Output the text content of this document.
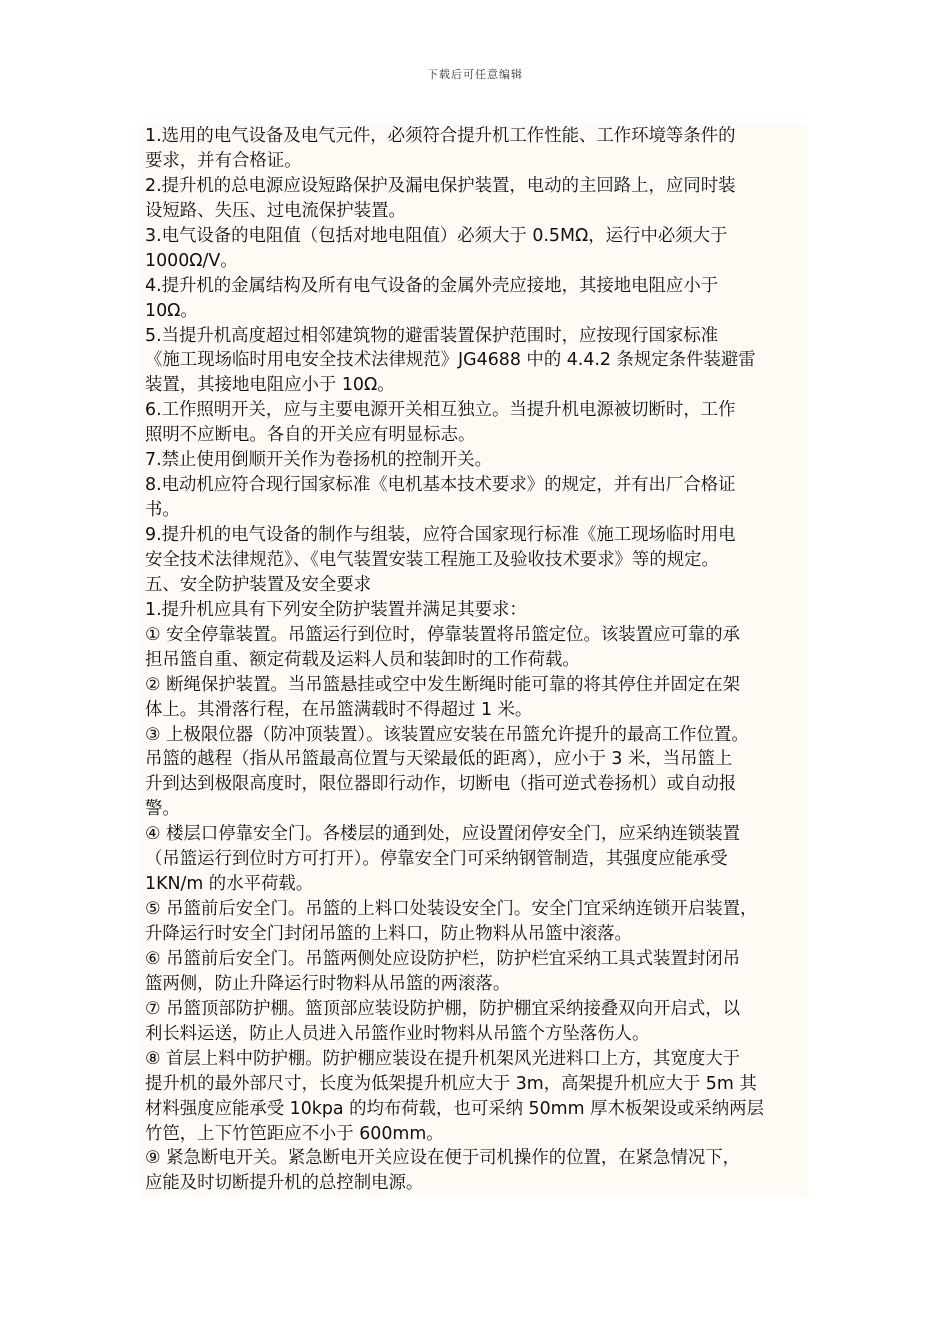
下载后可任意编辑
1.选用的电气设备及电气元件，必须符合提升机工作性能、工作环境等条件的
要求，并有合格证。
2.提升机的总电源应设短路保护及漏电保护装置，电动的主回路上，应同时装
设短路、失压、过电流保护装置。
3.电气设备的电阻值（包括对地电阻值）必须大于 0.5MΩ，运行中必须大于
1000Ω/V。
4.提升机的金属结构及所有电气设备的金属外壳应接地，其接地电阻应小于
10Ω。
5.当提升机高度超过相邻建筑物的避雷装置保护范围时，应按现行国家标准
《施工现场临时用电安全技术法律规范》JG4688 中的 4.4.2 条规定条件装避雷
装置，其接地电阻应小于 10Ω。
6.工作照明开关，应与主要电源开关相互独立。当提升机电源被切断时，工作
照明不应断电。各自的开关应有明显标志。
7.禁止使用倒顺开关作为卷扬机的控制开关。
8.电动机应符合现行国家标准《电机基本技术要求》的规定，并有出厂合格证
书。
9.提升机的电气设备的制作与组装，应符合国家现行标准《施工现场临时用电
安全技术法律规范》、《电气装置安装工程施工及验收技术要求》等的规定。
五、安全防护装置及安全要求
1.提升机应具有下列安全防护装置并满足其要求：
① 安全停靠装置。吊篮运行到位时，停靠装置将吊篮定位。该装置应可靠的承
担吊篮自重、额定荷载及运料人员和装卸时的工作荷载。
② 断绳保护装置。当吊篮悬挂或空中发生断绳时能可靠的将其停住并固定在架
体上。其滑落行程，在吊篮满载时不得超过 1 米。
③ 上极限位器（防冲顶装置）。该装置应安装在吊篮允许提升的最高工作位置。
吊篮的越程（指从吊篮最高位置与天梁最低的距离），应小于 3 米，当吊篮上
升到达到极限高度时，限位器即行动作，切断电（指可逆式卷扬机）或自动报
警。
④ 楼层口停靠安全门。各楼层的通到处，应设置闭停安全门，应采纳连锁装置
（吊篮运行到位时方可打开）。停靠安全门可采纳钢管制造，其强度应能承受
1KN/m 的水平荷载。
⑤ 吊篮前后安全门。吊篮的上料口处装设安全门。安全门宜采纳连锁开启装置，
升降运行时安全门封闭吊篮的上料口，防止物料从吊篮中滚落。
⑥ 吊篮前后安全门。吊篮两侧处应设防护栏，防护栏宜采纳工具式装置封闭吊
篮两侧，防止升降运行时物料从吊篮的两滚落。
⑦ 吊篮顶部防护棚。篮顶部应装设防护棚，防护棚宜采纳接叠双向开启式，以
利长料运送，防止人员进入吊篮作业时物料从吊篮个方坠落伤人。
⑧ 首层上料中防护棚。防护棚应装设在提升机架风光进料口上方，其宽度大于
提升机的最外部尺寸，长度为低架提升机应大于 3m，高架提升机应大于 5m 其
材料强度应能承受 10kpa 的均布荷载，也可采纳 50mm 厚木板架设或采纳两层
竹笆，上下竹笆距应不小于 600mm。
⑨ 紧急断电开关。紧急断电开关应设在便于司机操作的位置，在紧急情况下，
应能及时切断提升机的总控制电源。
